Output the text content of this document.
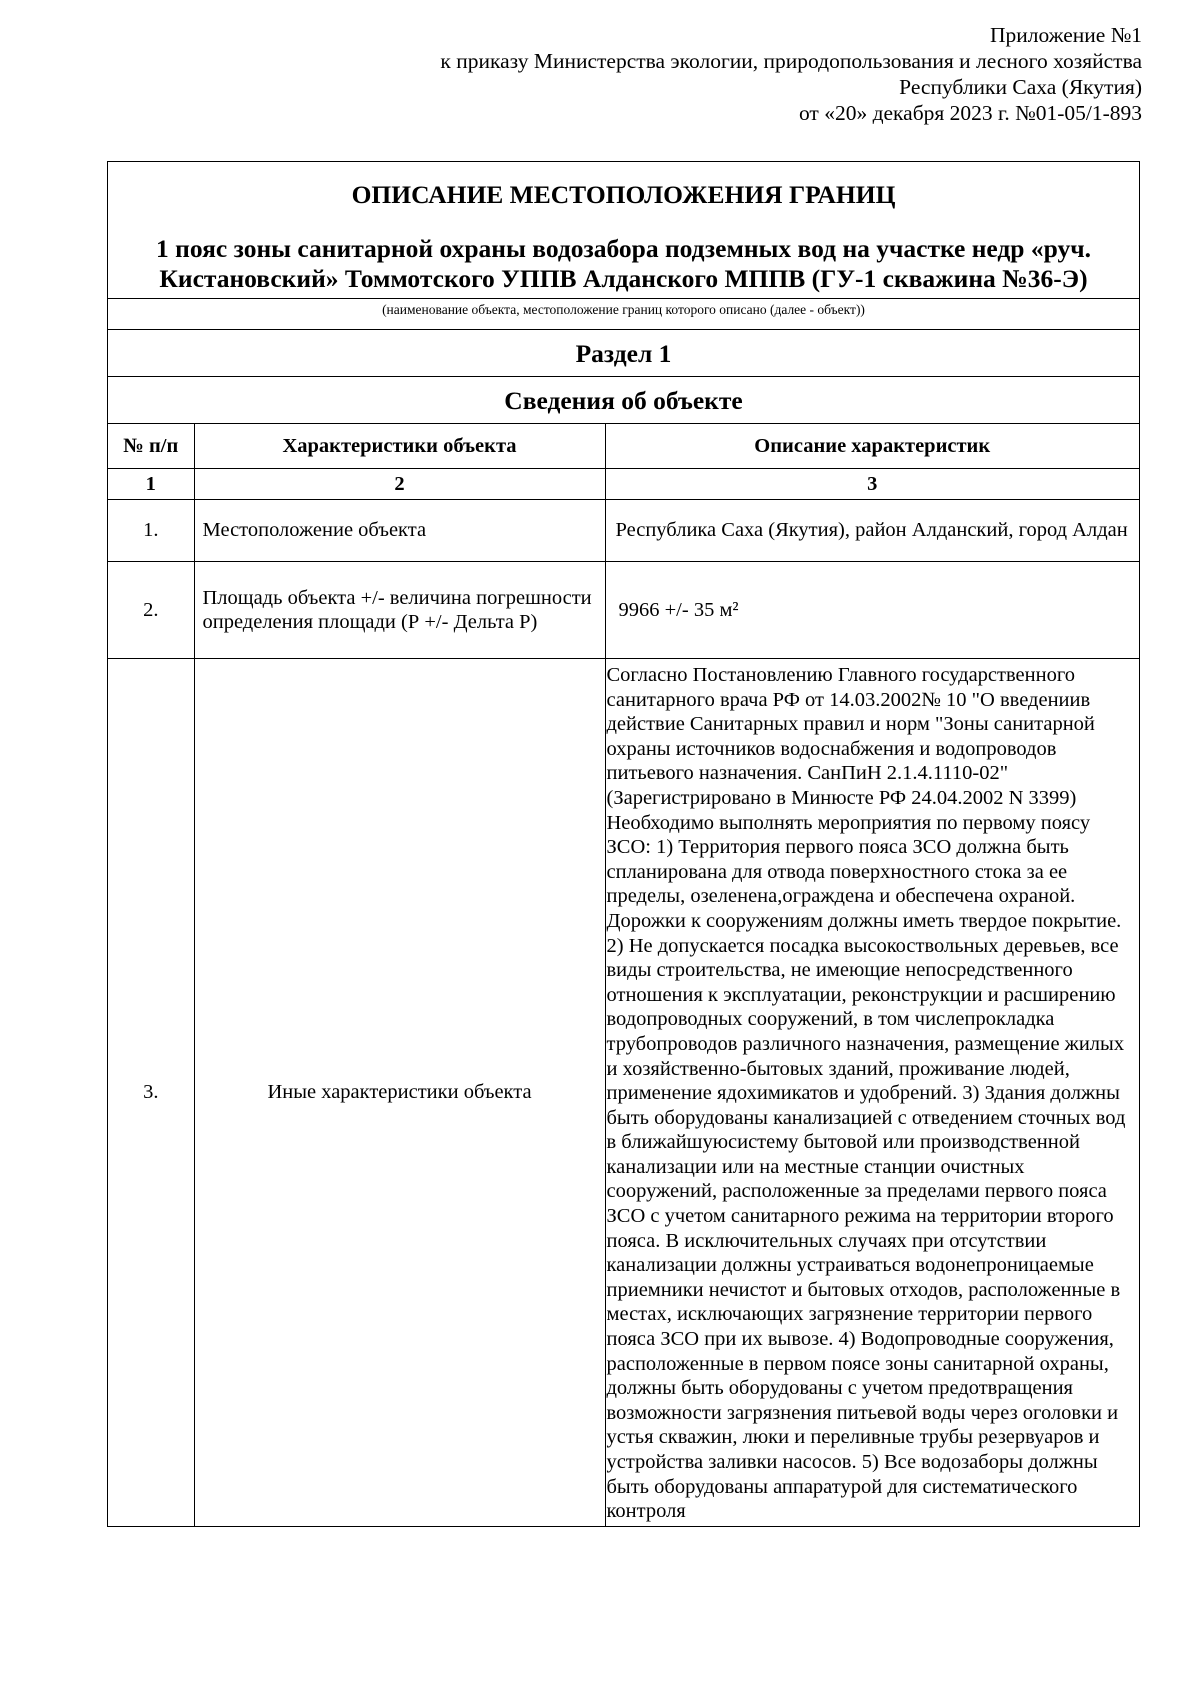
Приложение №1
к приказу Министерства экологии, природопользования и лесного хозяйства
Республики Саха (Якутия)
от «20» декабря 2023 г. №01-05/1-893
ОПИСАНИЕ МЕСТОПОЛОЖЕНИЯ ГРАНИЦ
1 пояс зоны санитарной охраны водозабора подземных вод на участке недр «руч. Кистановский» Томмотского УППВ Алданского МППВ (ГУ-1 скважина №36-Э)
(наименование объекта, местоположение границ которого описано (далее - объект))
Раздел 1
Сведения об объекте
№ п/п	Характеристики объекта	Описание характеристик
1	2	3
1.	Местоположение объекта	Республика Саха (Якутия), район Алданский, город Алдан
2.	Площадь объекта +/- величина погрешности определения площади (Р +/- Дельта Р)	9966 +/- 35 м²
3.	Иные характеристики объекта	Согласно Постановлению Главного государственного санитарного врача РФ от 14.03.2002№ 10 "О введениив действие Санитарных правил и норм "Зоны санитарной охраны источников водоснабжения и водопроводов питьевого назначения. СанПиН 2.1.4.1110-02" (Зарегистрировано в Минюсте РФ 24.04.2002 N 3399) Необходимо выполнять мероприятия по первому поясу ЗСО: 1) Территория первого пояса ЗСО должна быть спланирована для отвода поверхностного стока за ее пределы, озеленена,ограждена и обеспечена охраной. Дорожки к сооружениям должны иметь твердое покрытие. 2) Не допускается посадка высокоствольных деревьев, все виды строительства, не имеющие непосредственного отношения к эксплуатации, реконструкции и расширению водопроводных сооружений, в том числепрокладка трубопроводов различного назначения, размещение жилых и хозяйственно-бытовых зданий, проживание людей, применение ядохимикатов и удобрений. 3) Здания должны быть оборудованы канализацией с отведением сточных вод в ближайшуюсистему бытовой или производственной канализации или на местные станции очистных сооружений, расположенные за пределами первого пояса ЗСО с учетом санитарного режима на территории второго пояса. В исключительных случаях при отсутствии канализации должны устраиваться водонепроницаемые приемники нечистот и бытовых отходов, расположенные в местах, исключающих загрязнение территории первого пояса ЗСО при их вывозе. 4) Водопроводные сооружения, расположенные в первом поясе зоны санитарной охраны, должны быть оборудованы с учетом предотвращения возможности загрязнения питьевой воды через оголовки и устья скважин, люки и переливные трубы резервуаров и устройства заливки насосов. 5) Все водозаборы должны быть оборудованы аппаратурой для систематического контроля
